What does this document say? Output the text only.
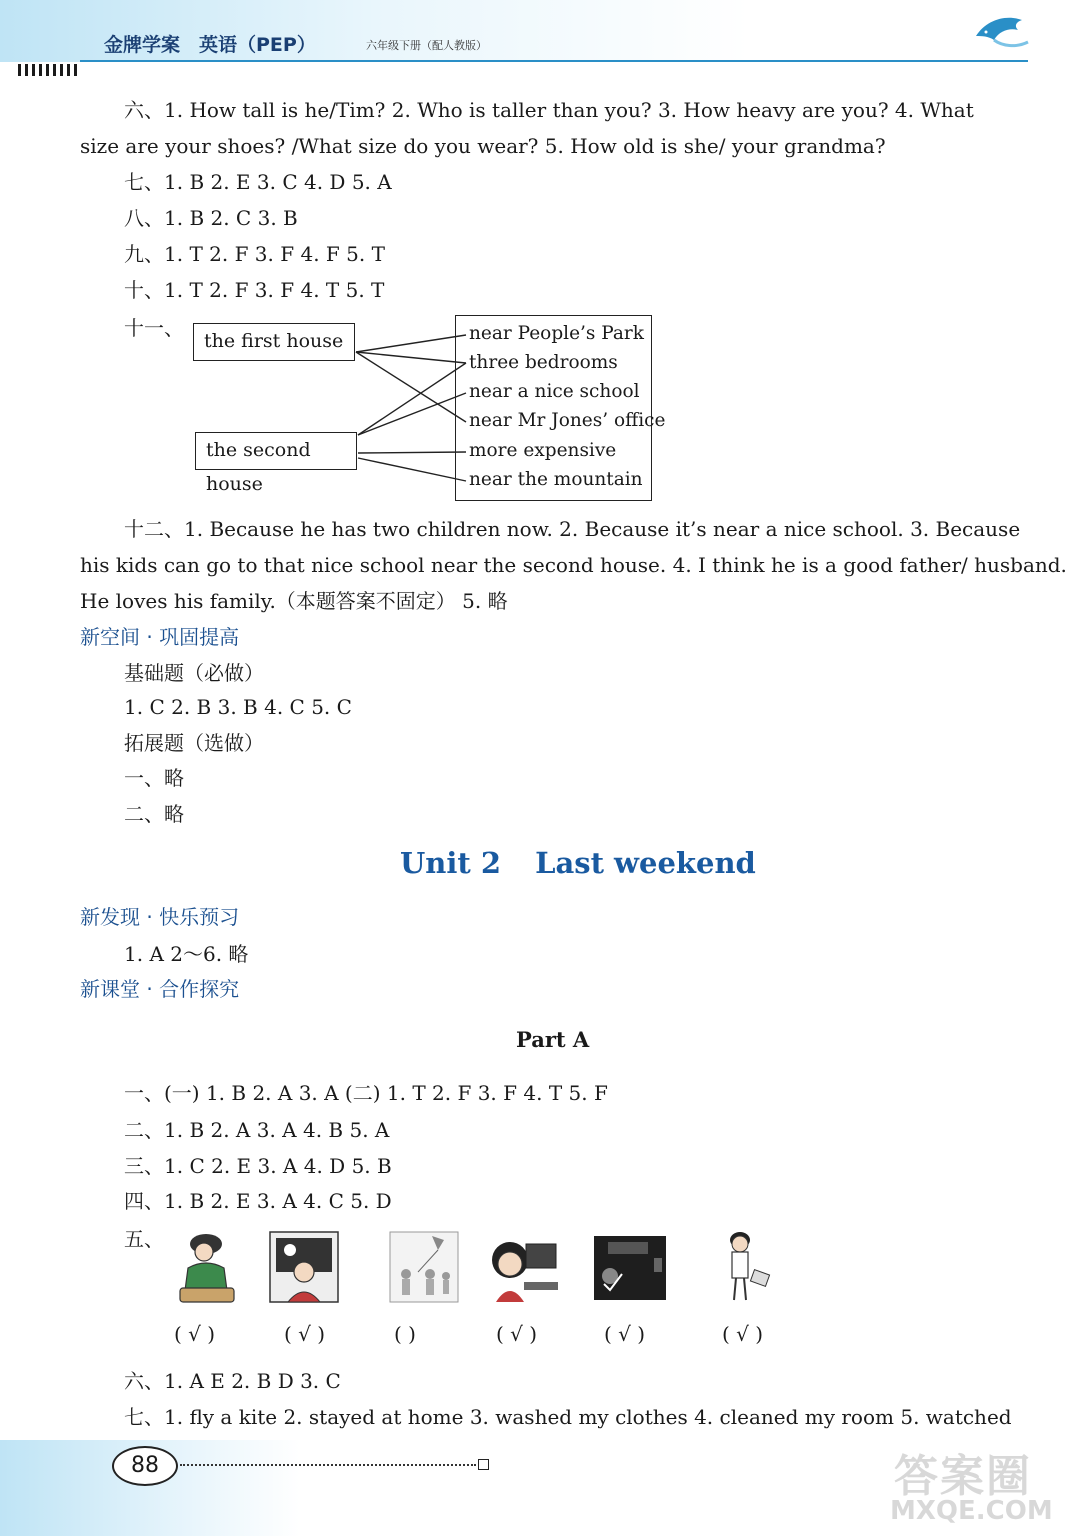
金牌学案　英语（PEP）	六年级下册（配人教版）
六、1. How tall is he/Tim? 2. Who is taller than you? 3. How heavy are you? 4. What
size are your shoes? /What size do you wear? 5. How old is she/ your grandma?
七、1. B 2. E 3. C 4. D 5. A
八、1. B 2. C 3. B
九、1. T 2. F 3. F 4. F 5. T
十、1. T 2. F 3. F 4. T 5. T
十一、
the first house
the second house
near People’s Park
three bedrooms
near a nice school
near Mr Jones’ office
more expensive
near the mountain
十二、1. Because he has two children now. 2. Because it’s near a nice school. 3. Because
his kids can go to that nice school near the second house. 4. I think he is a good father/ husband.
He loves his family.（本题答案不固定） 5. 略
新空间 · 巩固提高
基础题（必做）
1. C 2. B 3. B 4. C 5. C
拓展题（选做）
一、略
二、略
Unit 2 Last weekend
新发现 · 快乐预习
1. A 2～6. 略
新课堂 · 合作探究
Part A
一、(一) 1. B 2. A 3. A (二) 1. T 2. F 3. F 4. T 5. F
二、1. B 2. A 3. A 4. B 5. A
三、1. C 2. E 3. A 4. D 5. B
四、1. B 2. E 3. A 4. C 5. D
五、
( √ )	( √ )	( )	( √ )	( √ )	( √ )
六、1. A E 2. B D 3. C
七、1. fly a kite 2. stayed at home 3. washed my clothes 4. cleaned my room 5. watched
88	答案圈
MXQE.COM
